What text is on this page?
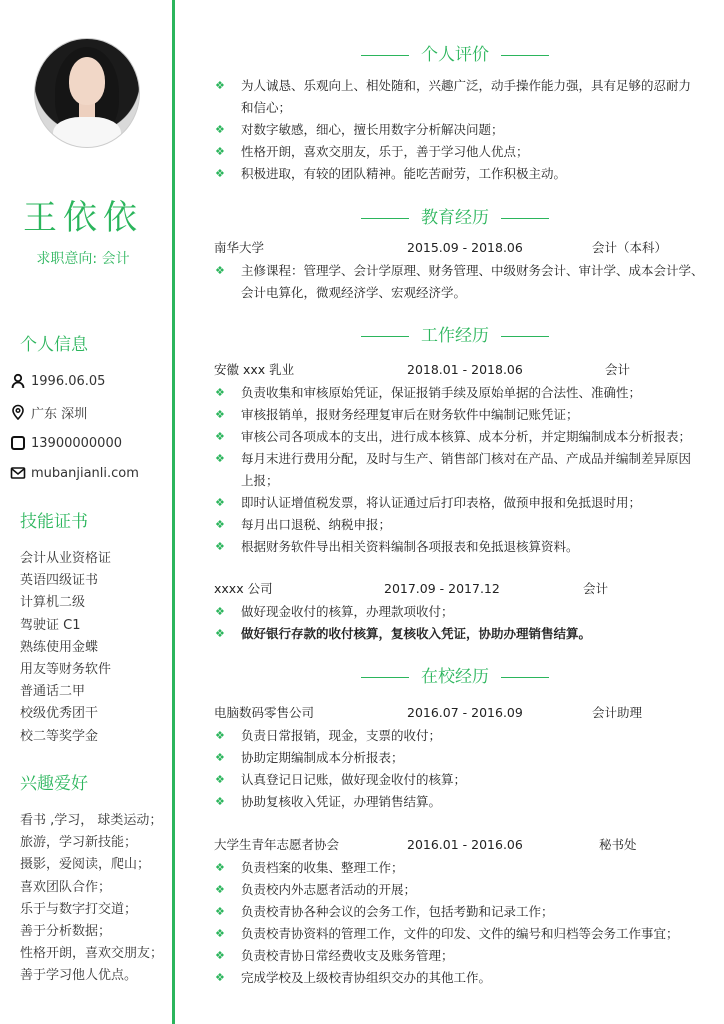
王依依
求职意向: 会计
个人信息
1996.06.05
广东 深圳
13900000000
mubanjianli.com
技能证书
会计从业资格证
英语四级证书
计算机二级
驾驶证 C1
熟练使用金蝶
用友等财务软件
普通话二甲
校级优秀团干
校二等奖学金
兴趣爱好
看书 ,学习， 球类运动；
旅游，学习新技能；
摄影，爱阅读，爬山；
喜欢团队合作；
乐于与数字打交道；
善于分析数据；
性格开朗，喜欢交朋友；
善于学习他人优点。
个人评价
❖ 为人诚恳、乐观向上、相处随和，兴趣广泛，动手操作能力强，具有足够的忍耐力
和信心；
❖ 对数字敏感，细心，擅长用数字分析解决问题；
❖ 性格开朗，喜欢交朋友，乐于，善于学习他人优点；
❖ 积极进取，有较的团队精神。能吃苦耐劳，工作积极主动。
教育经历
南华大学	2015.09 - 2018.06	会计（本科）
❖ 主修课程：管理学、会计学原理、财务管理、中级财务会计、审计学、成本会计学、
会计电算化，微观经济学、宏观经济学。
工作经历
安徽 xxx 乳业	2018.01 - 2018.06	会计
❖ 负责收集和审核原始凭证，保证报销手续及原始单据的合法性、准确性；
❖ 审核报销单，报财务经理复审后在财务软件中编制记账凭证；
❖ 审核公司各项成本的支出，进行成本核算、成本分析，并定期编制成本分析报表；
❖ 每月末进行费用分配，及时与生产、销售部门核对在产品、产成品并编制差异原因
上报；
❖ 即时认证增值税发票，将认证通过后打印表格，做预申报和免抵退时用；
❖ 每月出口退税、纳税申报；
❖ 根据财务软件导出相关资料编制各项报表和免抵退核算资料。
xxxx 公司	2017.09 - 2017.12	会计
❖ 做好现金收付的核算，办理款项收付；
❖ 做好银行存款的收付核算，复核收入凭证，协助办理销售结算。
在校经历
电脑数码零售公司	2016.07 - 2016.09	会计助理
❖ 负责日常报销，现金，支票的收付；
❖ 协助定期编制成本分析报表；
❖ 认真登记日记账，做好现金收付的核算；
❖ 协助复核收入凭证，办理销售结算。
大学生青年志愿者协会	2016.01 - 2016.06	秘书处
❖ 负责档案的收集、整理工作；
❖ 负责校内外志愿者活动的开展；
❖ 负责校青协各种会议的会务工作，包括考勤和记录工作；
❖ 负责校青协资料的管理工作，文件的印发、文件的编号和归档等会务工作事宜；
❖ 负责校青协日常经费收支及账务管理；
❖ 完成学校及上级校青协组织交办的其他工作。
